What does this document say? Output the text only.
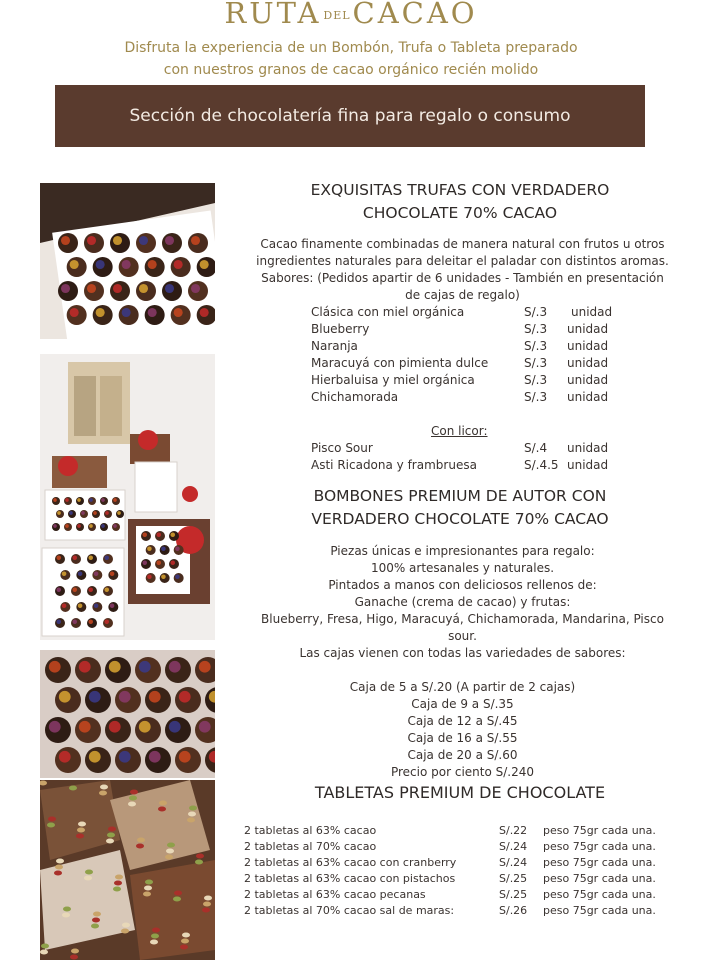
RUTA DELCACAO
Disfruta la experiencia de un Bombón, Trufa o Tableta preparado
con nuestros granos de cacao orgánico recién molido
Sección de chocolatería fina para regalo o consumo
EXQUISITAS TRUFAS CON VERDADERO
CHOCOLATE 70% CACAO
Cacao finamente combinadas de manera natural con frutos u otros
ingredientes naturales para deleitar el paladar con distintos aromas.
Sabores: (Pedidos apartir de 6 unidades - También en presentación
de cajas de regalo)
Clásica con miel orgánica	S/.3 unidad
Blueberry	S/.3 unidad
Naranja	S/.3 unidad
Maracuyá con pimienta dulce	S/.3 unidad
Hierbaluisa y miel orgánica	S/.3 unidad
Chichamorada	S/.3 unidad
Con licor:
Pisco Sour	S/.4 unidad
Asti Ricadona y frambruesa	S/.4.5 unidad
BOMBONES PREMIUM DE AUTOR CON
VERDADERO CHOCOLATE 70% CACAO
Piezas únicas e impresionantes para regalo:
100% artesanales y naturales.
Pintados a manos con deliciosos rellenos de:
Ganache (crema de cacao) y frutas:
Blueberry, Fresa, Higo, Maracuyá, Chichamorada, Mandarina, Pisco
sour.
Las cajas vienen con todas las variedades de sabores:
Caja de 5 a S/.20 (A partir de 2 cajas)
Caja de 9 a S/.35
Caja de 12 a S/.45
Caja de 16 a S/.55
Caja de 20 a S/.60
Precio por ciento S/.240
TABLETAS PREMIUM DE CHOCOLATE
2 tabletas al 63% cacao	S/.22 peso 75gr cada una.
2 tabletas al 70% cacao	S/.24 peso 75gr cada una.
2 tabletas al 63% cacao con cranberry	S/.24 peso 75gr cada una.
2 tabletas al 63% cacao con pistachos	S/.25 peso 75gr cada una.
2 tabletas al 63% cacao pecanas	S/.25 peso 75gr cada una.
2 tabletas al 70% cacao sal de maras:	S/.26 peso 75gr cada una.
